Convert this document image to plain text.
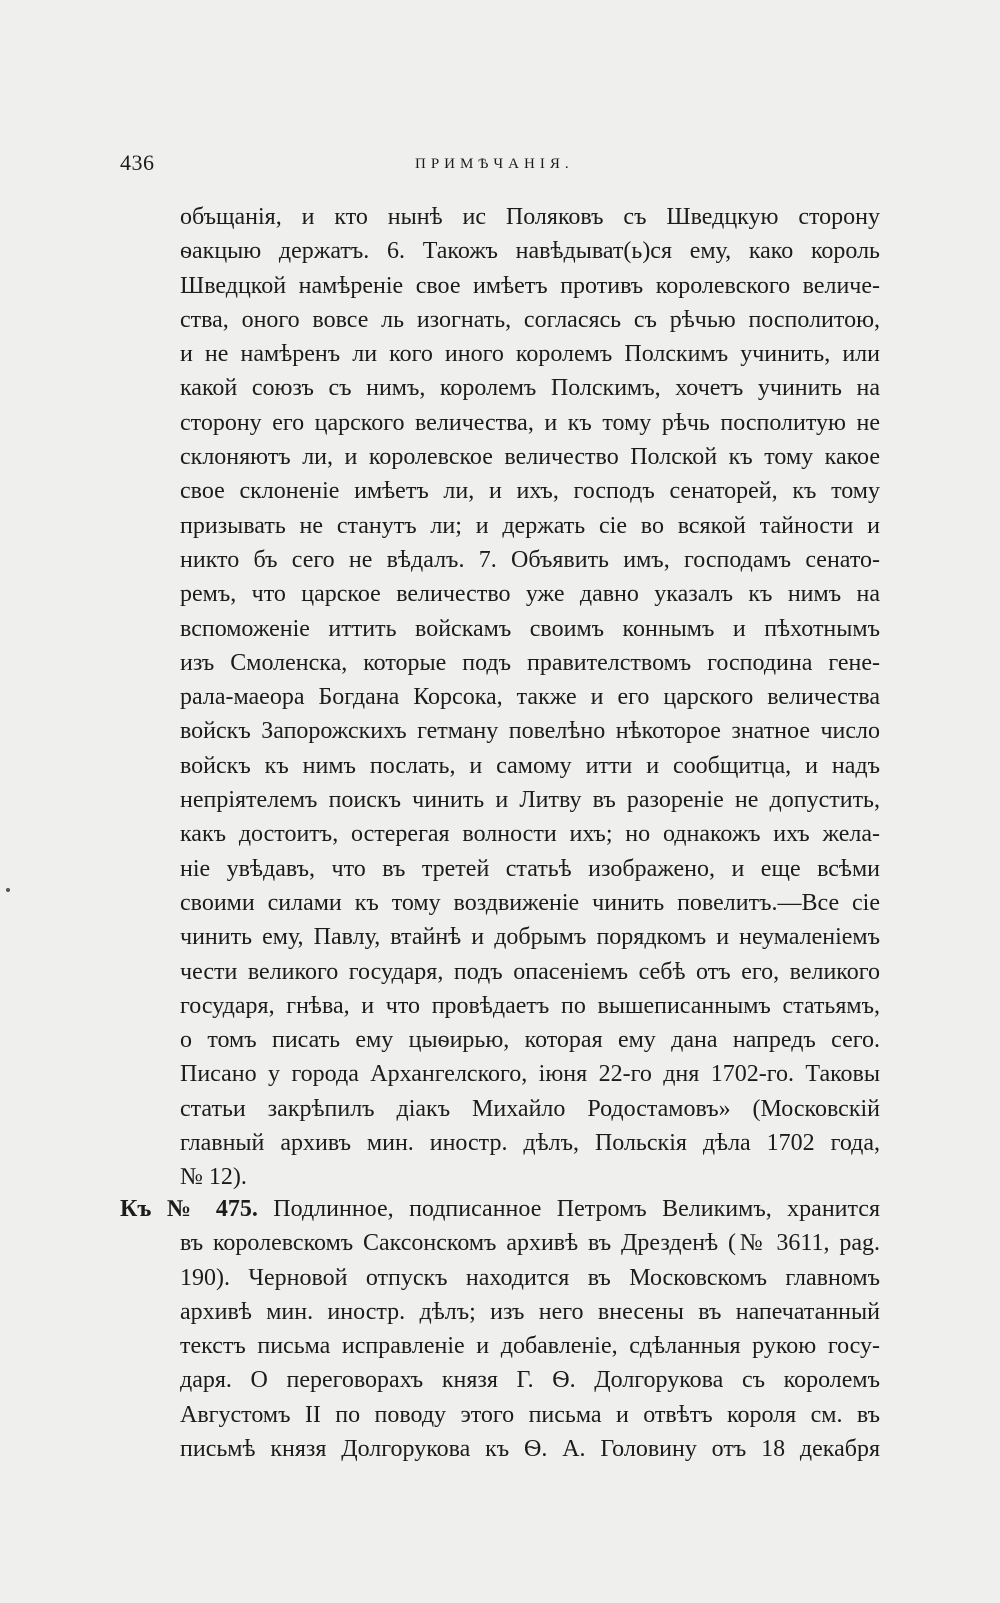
436	ПРИМѢЧАНІЯ.
объщанія, и кто нынѣ ис Поляковъ съ Шведцкую сторону
ѳакцыю держатъ. 6. Такожъ навѣдыват(ь)ся ему, како король
Шведцкой намѣреніе свое имѣетъ противъ королевского величе-
ства, оного вовсе ль изогнать, согласясь съ рѣчью посполитою,
и не намѣренъ ли кого иного королемъ Полскимъ учинить, или
какой союзъ съ нимъ, королемъ Полскимъ, хочетъ учинить на
сторону его царского величества, и къ тому рѣчь посполитую не
склоняютъ ли, и королевское величество Полской къ тому какое
свое склоненіе имѣетъ ли, и ихъ, господъ сенаторей, къ тому
призывать не станутъ ли; и держать сіе во всякой тайности и
никто бъ сего не вѣдалъ. 7. Объявить имъ, господамъ сенато-
ремъ, что царское величество уже давно указалъ къ нимъ на
вспоможеніе иттить войскамъ своимъ коннымъ и пѣхотнымъ
изъ Смоленска, которые подъ правителствомъ господина гене-
рала-маеора Богдана Корсока, также и его царского величества
войскъ Запорожскихъ гетману повелѣно нѣкоторое знатное число
войскъ къ нимъ послать, и самому итти и сообщитца, и надъ
непріятелемъ поискъ чинить и Литву въ разореніе не допустить,
какъ достоитъ, остерегая волности ихъ; но однакожъ ихъ жела-
ніе увѣдавъ, что въ третей статьѣ изображено, и еще всѣми
своими силами къ тому воздвиженіе чинить повелитъ.—Все сіе
чинить ему, Павлу, втайнѣ и добрымъ порядкомъ и неумаленіемъ
чести великого государя, подъ опасеніемъ себѣ отъ его, великого
государя, гнѣва, и что провѣдаетъ по вышеписаннымъ статьямъ,
о томъ писать ему цыѳирью, которая ему дана напредъ сего.
Писано у города Архангелского, іюня 22-го дня 1702-го. Таковы
статьи закрѣпилъ діакъ Михайло Родостамовъ» (Московскій
главный архивъ мин. иностр. дѣлъ, Польскія дѣла 1702 года,
№ 12).
Къ № 475. Подлинное, подписанное Петромъ Великимъ, хранится
въ королевскомъ Саксонскомъ архивѣ въ Дрезденѣ (№ 3611, pag.
190). Черновой отпускъ находится въ Московскомъ главномъ
архивѣ мин. иностр. дѣлъ; изъ него внесены въ напечатанный
текстъ письма исправленіе и добавленіе, сдѣланныя рукою госу-
даря. О переговорахъ князя Г. Ѳ. Долгорукова съ королемъ
Августомъ II по поводу этого письма и отвѣтъ короля см. въ
письмѣ князя Долгорукова къ Ѳ. А. Головину отъ 18 декабря
